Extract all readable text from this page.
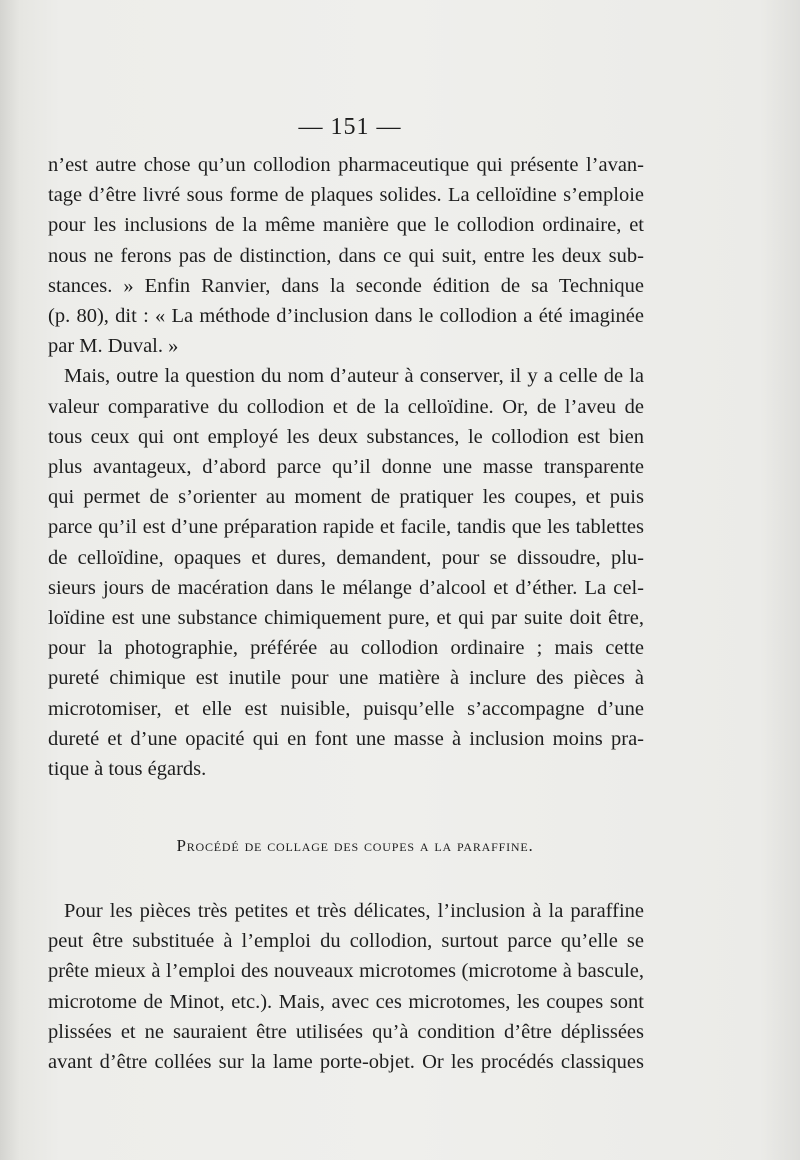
— 151 —
n’est autre chose qu’un collodion pharmaceutique qui présente l’avan-
tage d’être livré sous forme de plaques solides. La celloïdine s’emploie
pour les inclusions de la même manière que le collodion ordinaire, et
nous ne ferons pas de distinction, dans ce qui suit, entre les deux sub-
stances. » Enfin Ranvier, dans la seconde édition de sa Technique
(p. 80), dit : « La méthode d’inclusion dans le collodion a été imaginée
par M. Duval. »
Mais, outre la question du nom d’auteur à conserver, il y a celle de la
valeur comparative du collodion et de la celloïdine. Or, de l’aveu de
tous ceux qui ont employé les deux substances, le collodion est bien
plus avantageux, d’abord parce qu’il donne une masse transparente
qui permet de s’orienter au moment de pratiquer les coupes, et puis
parce qu’il est d’une préparation rapide et facile, tandis que les tablettes
de celloïdine, opaques et dures, demandent, pour se dissoudre, plu-
sieurs jours de macération dans le mélange d’alcool et d’éther. La cel-
loïdine est une substance chimiquement pure, et qui par suite doit être,
pour la photographie, préférée au collodion ordinaire ; mais cette
pureté chimique est inutile pour une matière à inclure des pièces à
microtomiser, et elle est nuisible, puisqu’elle s’accompagne d’une
dureté et d’une opacité qui en font une masse à inclusion moins pra-
tique à tous égards.
Procédé de collage des coupes a la paraffine.
Pour les pièces très petites et très délicates, l’inclusion à la paraffine
peut être substituée à l’emploi du collodion, surtout parce qu’elle se
prête mieux à l’emploi des nouveaux microtomes (microtome à bascule,
microtome de Minot, etc.). Mais, avec ces microtomes, les coupes sont
plissées et ne sauraient être utilisées qu’à condition d’être déplissées
avant d’être collées sur la lame porte-objet. Or les procédés classiques
